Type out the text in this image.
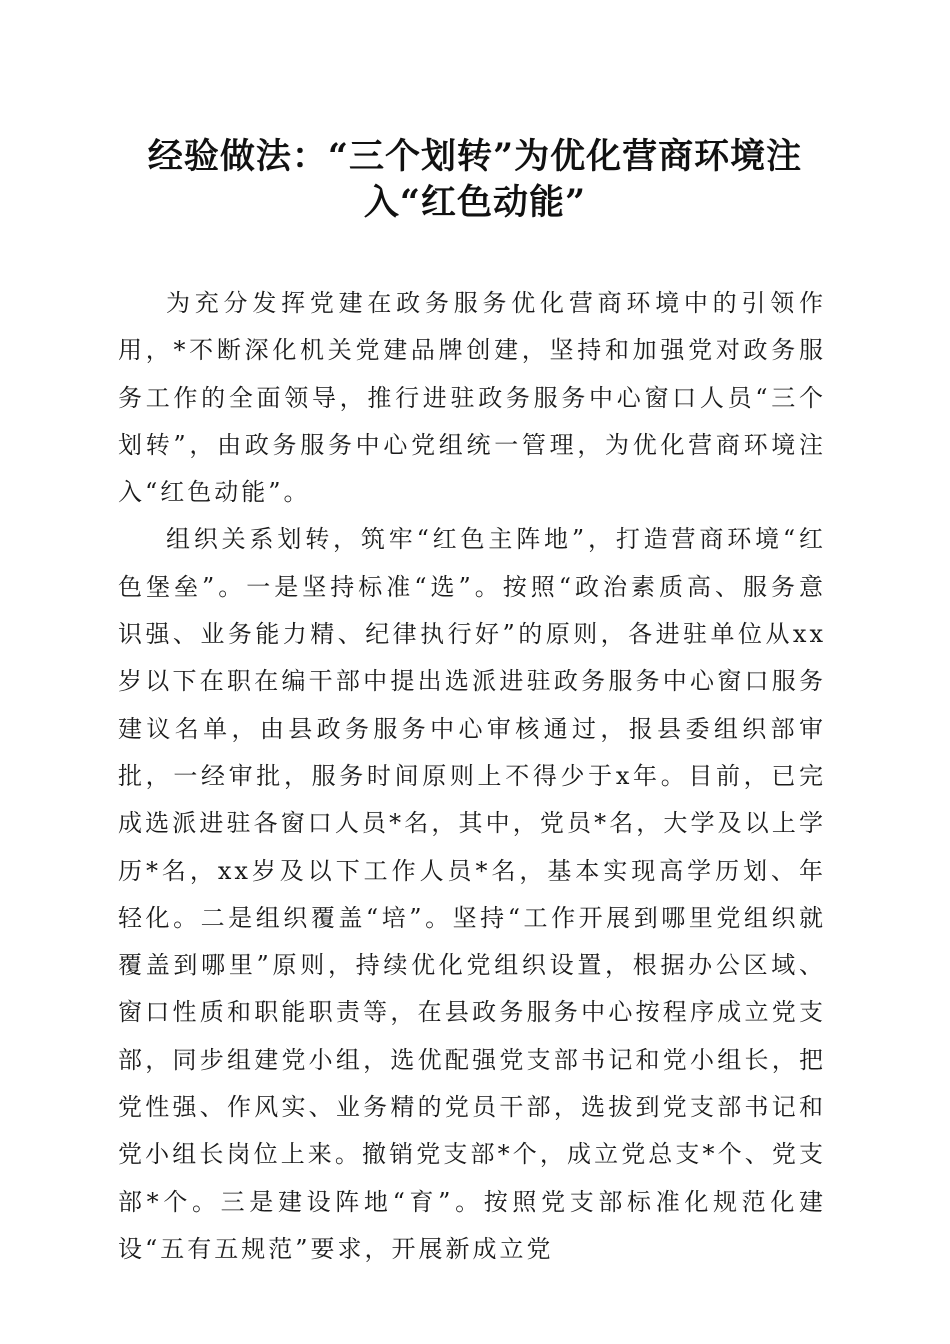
经验做法：“三个划转”为优化营商环境注入“红色动能”

为充分发挥党建在政务服务优化营商环境中的引领作用，*不断深化机关党建品牌创建，坚持和加强党对政务服务工作的全面领导，推行进驻政务服务中心窗口人员“三个划转”，由政务服务中心党组统一管理，为优化营商环境注入“红色动能”。

组织关系划转，筑牢“红色主阵地”，打造营商环境“红色堡垒”。一是坚持标准“选”。按照“政治素质高、服务意识强、业务能力精、纪律执行好”的原则，各进驻单位从xx岁以下在职在编干部中提出选派进驻政务服务中心窗口服务建议名单，由县政务服务中心审核通过，报县委组织部审批，一经审批，服务时间原则上不得少于x年。目前，已完成选派进驻各窗口人员*名，其中，党员*名，大学及以上学历*名，xx岁及以下工作人员*名，基本实现高学历划、年轻化。二是组织覆盖“培”。坚持“工作开展到哪里党组织就覆盖到哪里”原则，持续优化党组织设置，根据办公区域、窗口性质和职能职责等，在县政务服务中心按程序成立党支部，同步组建党小组，选优配强党支部书记和党小组长，把党性强、作风实、业务精的党员干部，选拔到党支部书记和党小组长岗位上来。撤销党支部*个，成立党总支*个、党支部*个。三是建设阵地“育”。按照党支部标准化规范化建设“五有五规范”要求，开展新成立党
